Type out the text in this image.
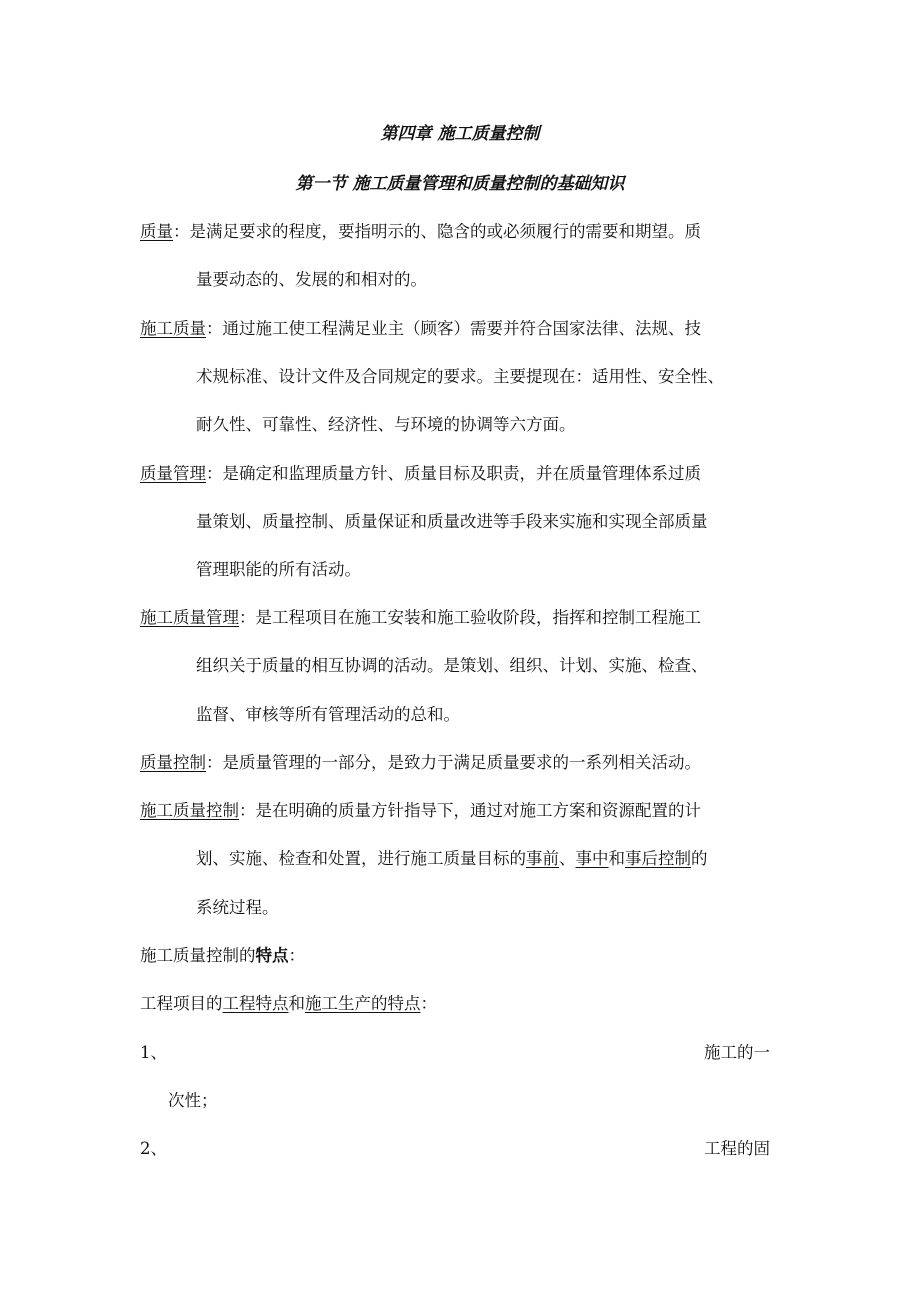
第四章 施工质量控制
第一节 施工质量管理和质量控制的基础知识
质量：是满足要求的程度，要指明示的、隐含的或必须履行的需要和期望。质
量要动态的、发展的和相对的。
施工质量：通过施工使工程满足业主（顾客）需要并符合国家法律、法规、技
术规标准、设计文件及合同规定的要求。主要提现在：适用性、安全性、
耐久性、可靠性、经济性、与环境的协调等六方面。
质量管理：是确定和监理质量方针、质量目标及职责，并在质量管理体系过质
量策划、质量控制、质量保证和质量改进等手段来实施和实现全部质量
管理职能的所有活动。
施工质量管理：是工程项目在施工安装和施工验收阶段，指挥和控制工程施工
组织关于质量的相互协调的活动。是策划、组织、计划、实施、检查、
监督、审核等所有管理活动的总和。
质量控制：是质量管理的一部分，是致力于满足质量要求的一系列相关活动。
施工质量控制：是在明确的质量方针指导下，通过对施工方案和资源配置的计
划、实施、检查和处置，进行施工质量目标的事前、事中和事后控制的
系统过程。
施工质量控制的特点：
工程项目的工程特点和施工生产的特点：
1、	施工的一
次性；
2、	工程的固
